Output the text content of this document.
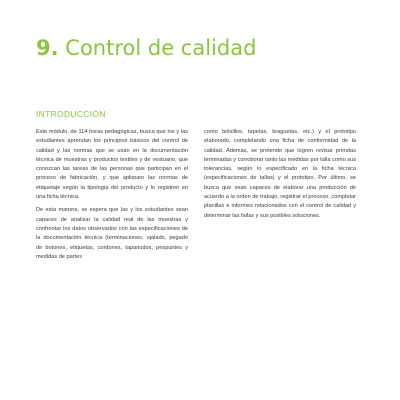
9. Control de calidad
INTRODUCCIÓN

Este módulo, de 114 horas pedagógicas, busca que los y las estudiantes aprendan los principios básicos del control de calidad y las normas que se usan en la documentación técnica de muestras y productos textiles y de vestuario, que conozcan las tareas de las personas que participan en el proceso de fabricación, y que apliquen las normas de etiquetaje según la tipología del producto y lo registren en una ficha técnica.

De esta manera, se espera que las y los estudiantes sean capaces de analizar la calidad real de las muestras y confrontar los datos observados con las especificaciones de la documentación técnica (terminaciones, ojalado, pegado de botones, etiquetas, cordones, tapanudos, pespuntes y medidas de partes

como bolsillos, tapetas, braguetas, etc.) y el prototipo elaborado, completando una ficha de conformidad de la calidad. Además, se pretende que logren revisar prendas terminadas y corroborar tanto las medidas por talla como sus tolerancias, según lo especificado en la ficha técnica (especificaciones de tallas) y el prototipo. Por último, se busca que sean capaces de elaborar una producción de acuerdo a la orden de trabajo, registrar el proceso, completar planillas e informes relacionados con el control de calidad y determinar las fallas y sus posibles soluciones.
